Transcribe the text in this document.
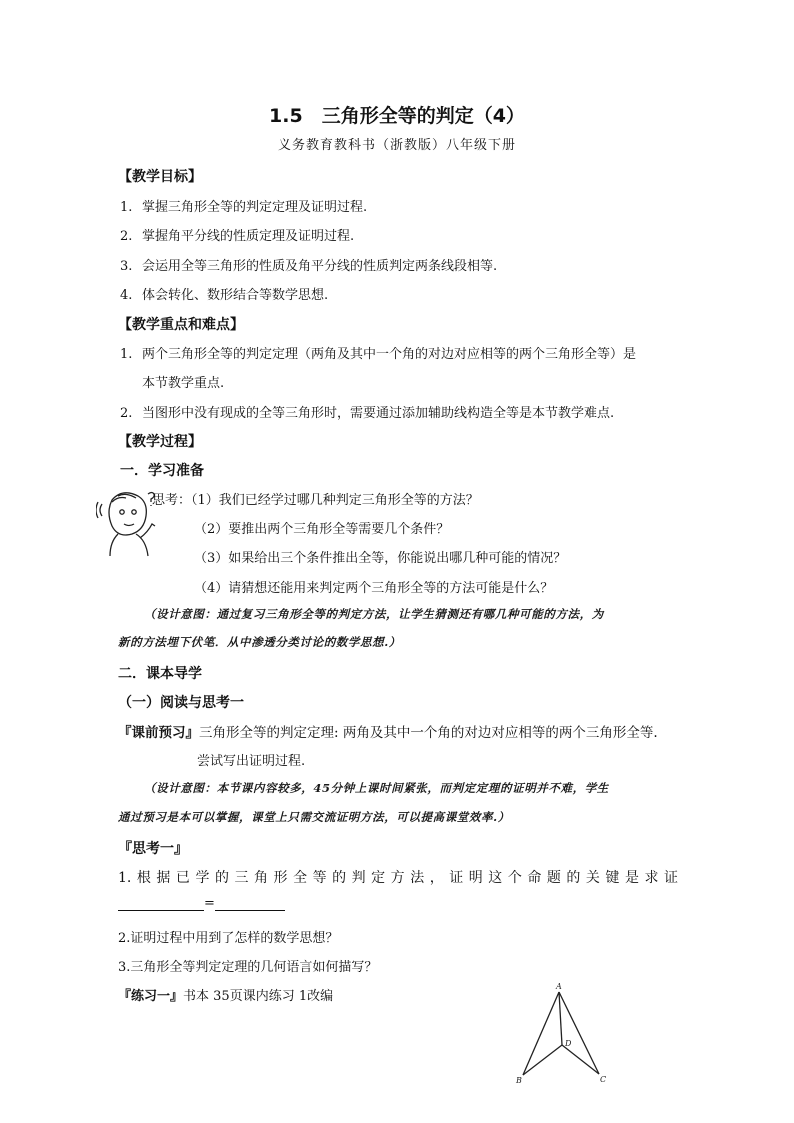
1.5　三角形全等的判定（4）
义务教育教科书（浙教版）八年级下册
【教学目标】
1. 掌握三角形全等的判定定理及证明过程.
2. 掌握角平分线的性质定理及证明过程.
3. 会运用全等三角形的性质及角平分线的性质判定两条线段相等.
4. 体会转化、数形结合等数学思想.
【教学重点和难点】
1. 两个三角形全等的判定定理（两角及其中一个角的对边对应相等的两个三角形全等）是
本节教学重点.
2. 当图形中没有现成的全等三角形时，需要通过添加辅助线构造全等是本节教学难点.
【教学过程】
一．学习准备
思考：（1）我们已经学过哪几种判定三角形全等的方法？
（2）要推出两个三角形全等需要几个条件？
（3）如果给出三个条件推出全等，你能说出哪几种可能的情况？
（4）请猜想还能用来判定两个三角形全等的方法可能是什么？
（设计意图：通过复习三角形全等的判定方法，让学生猜测还有哪几种可能的方法，为
新的方法埋下伏笔．从中渗透分类讨论的数学思想.）
二．课本导学
（一）阅读与思考一
『课前预习』三角形全等的判定定理: 两角及其中一个角的对边对应相等的两个三角形全等.
尝试写出证明过程.
（设计意图：本节课内容较多，45分钟上课时间紧张，而判定定理的证明并不难，学生
通过预习是本可以掌握，课堂上只需交流证明方法，可以提高课堂效率.）
『思考一』
1.根据已学的三角形全等的判定方法，证明这个命题的关键是求证
=
2.证明过程中用到了怎样的数学思想？
3.三角形全等判定定理的几何语言如何描写？
『练习一』书本 35页课内练习 1改编
A
B	C
D
